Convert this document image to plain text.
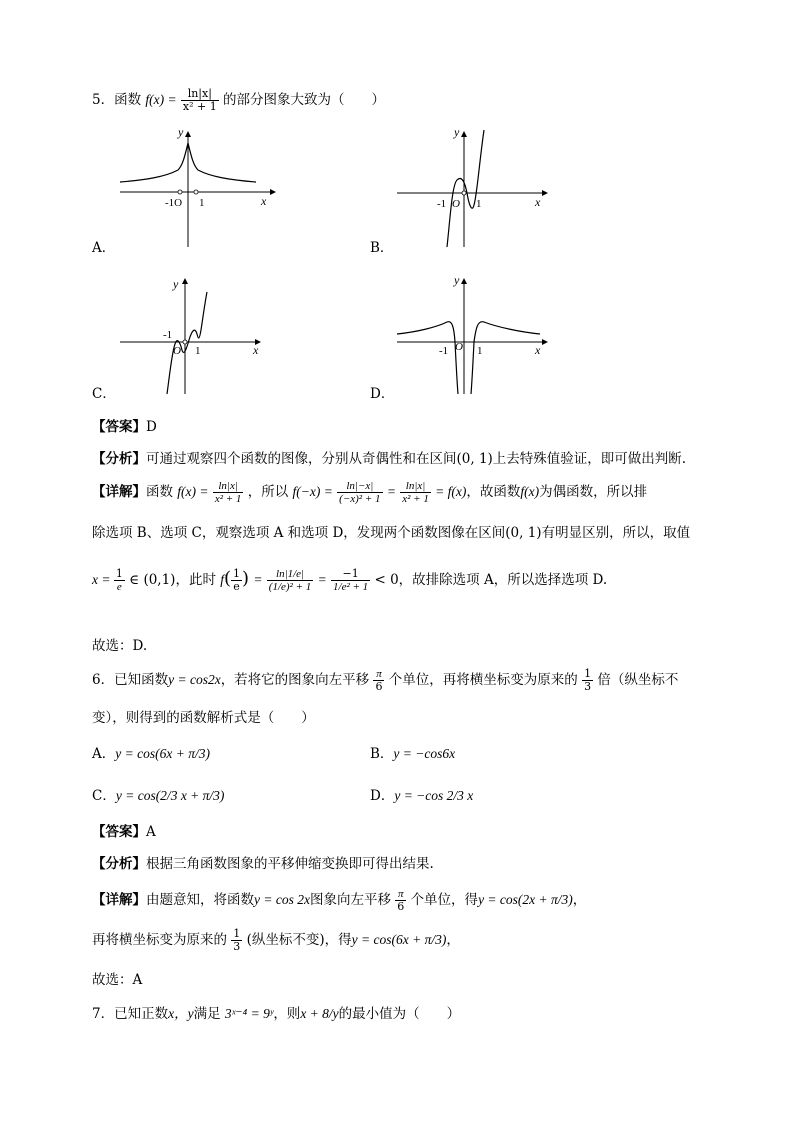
5．函数 $f(x) = \frac{\ln|x|}{\text{x² + 1}}$ 的部分图象大致为（　　）
y
x
-1O 1
A．
y
x
-1 O 1
B．
y
x
-1
O 1
C．
y
x
-1 O 1
D．
【答案】D
【分析】可通过观察四个函数的图像，分别从奇偶性和在区间(0, 1)上去特殊值验证，即可做出判断.
【详解】函数 $f(x) = \frac{\ln|x|}{\text{x² + 1}}$ ，所以 $f(-x) = \frac{\ln|-x|}{\text{(−x)² + 1}} = \frac{\ln|x|}{\text{x² + 1}} = f(x)$，故函数f(x)为偶函数，所以排
除选项 B、选项 C，观察选项 A 和选项 D，发现两个函数图像在区间(0, 1)有明显区别，所以，取值
$x = \frac{1}{e}$ ∈ (0,1)，此时 $f( \frac{1}{e}$ ) = $\frac{\ln|1/e|}{\text{(1/e)² + 1}} = \frac{-1}{\text{1/e² + 1}} < 0$，故排除选项 A，所以选择选项 D.
故选：D.
6．已知函数y = cos2x，若将它的图象向左平移 $\frac{\pi}{6}$ 个单位，再将横坐标变为原来的 $\frac{1}{3}$ 倍（纵坐标不
变），则得到的函数解析式是（　　）
A．y = cos(6x + π/3)	B．y = −cos6x
C．y = cos(2/3 x + π/3)	D．y = −cos 2/3 x
【答案】A
【分析】根据三角函数图象的平移伸缩变换即可得出结果.
【详解】由题意知，将函数y = cos 2x图象向左平移 $\frac{\pi}{6}$ 个单位，得y = cos(2x + π/3)，
再将横坐标变为原来的 $\frac{1}{3}$ (纵坐标不变)，得y = cos(6x + π/3)，
故选：A
7．已知正数x，y满足 3ˣ⁻⁴ = 9ʸ，则x + 8/y的最小值为（　　）
